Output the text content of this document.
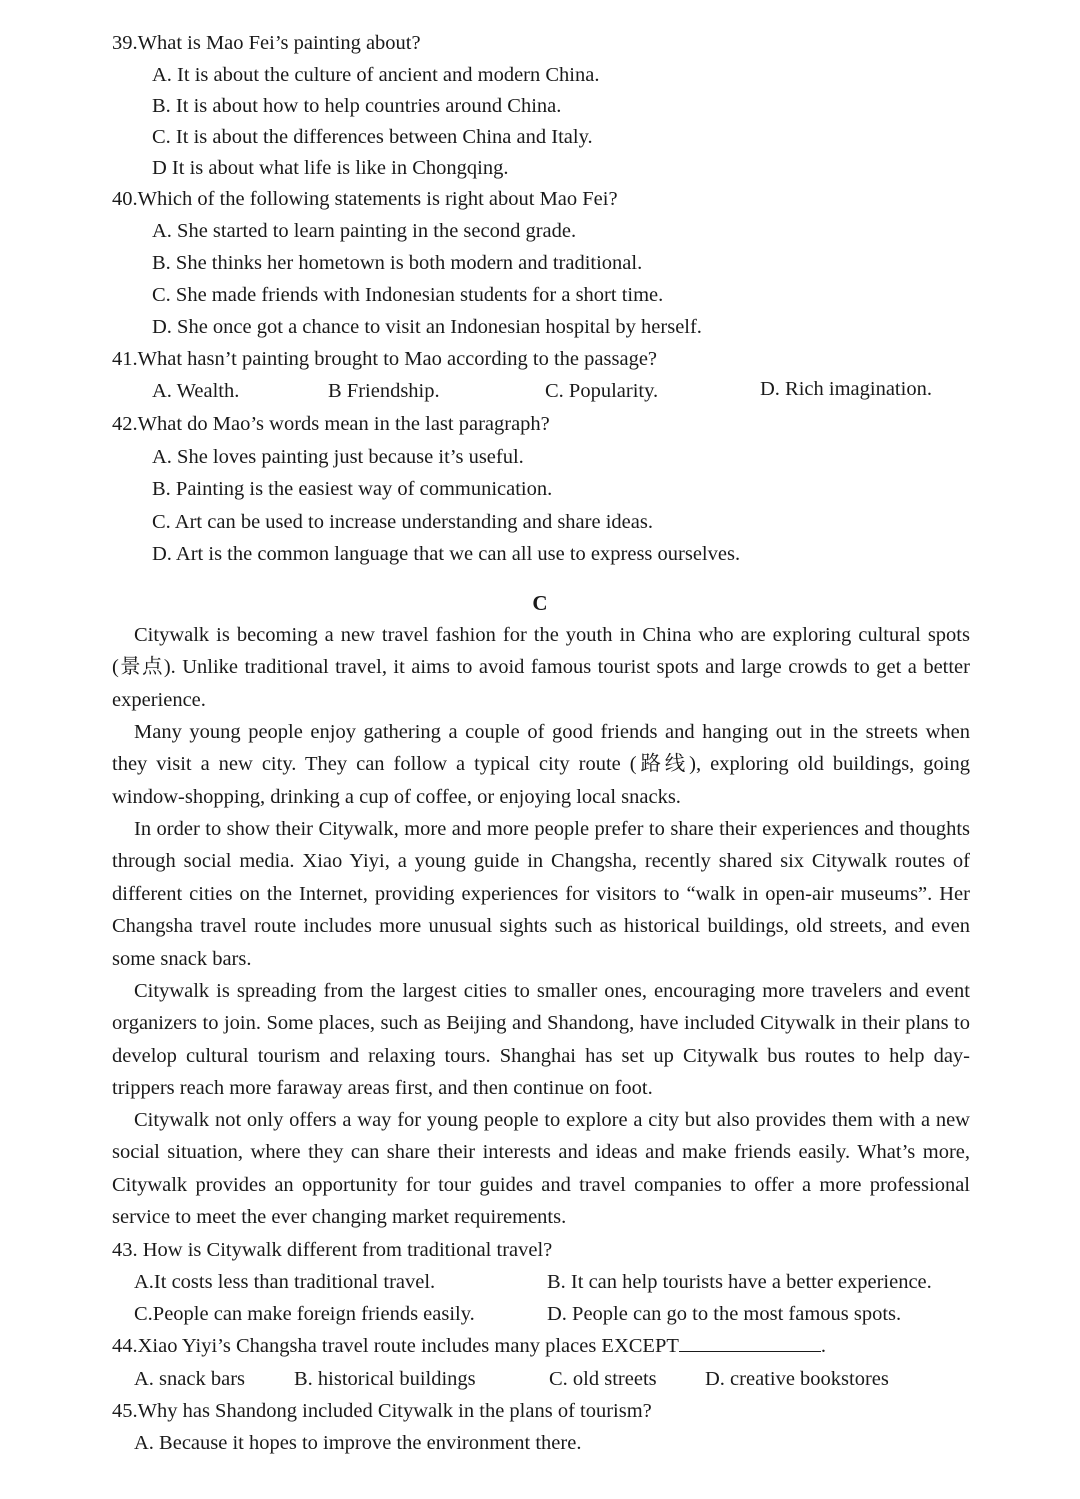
39.What is Mao Fei’s painting about?
A. It is about the culture of ancient and modern China.
B. It is about how to help countries around China.
C. It is about the differences between China and Italy.
D It is about what life is like in Chongqing.
40.Which of the following statements is right about Mao Fei?
A. She started to learn painting in the second grade.
B. She thinks her hometown is both modern and traditional.
C. She made friends with Indonesian students for a short time.
D. She once got a chance to visit an Indonesian hospital by herself.
41.What hasn’t painting brought to Mao according to the passage?
A. Wealth.	B Friendship.	C. Popularity.	D. Rich imagination.
42.What do Mao’s words mean in the last paragraph?
A. She loves painting just because it’s useful.
B. Painting is the easiest way of communication.
C. Art can be used to increase understanding and share ideas.
D. Art is the common language that we can all use to express ourselves.
C
Citywalk is becoming a new travel fashion for the youth in China who are exploring cultural spots (景点). Unlike traditional travel, it aims to avoid famous tourist spots and large crowds to get a better experience.
Many young people enjoy gathering a couple of good friends and hanging out in the streets when they visit a new city. They can follow a typical city route (路线), exploring old buildings, going window-shopping, drinking a cup of coffee, or enjoying local snacks.
In order to show their Citywalk, more and more people prefer to share their experiences and thoughts through social media. Xiao Yiyi, a young guide in Changsha, recently shared six Citywalk routes of different cities on the Internet, providing experiences for visitors to “walk in open-air museums”. Her Changsha travel route includes more unusual sights such as historical buildings, old streets, and even some snack bars.
Citywalk is spreading from the largest cities to smaller ones, encouraging more travelers and event organizers to join. Some places, such as Beijing and Shandong, have included Citywalk in their plans to develop cultural tourism and relaxing tours. Shanghai has set up Citywalk bus routes to help day-trippers reach more faraway areas first, and then continue on foot.
Citywalk not only offers a way for young people to explore a city but also provides them with a new social situation, where they can share their interests and ideas and make friends easily. What’s more, Citywalk provides an opportunity for tour guides and travel companies to offer a more professional service to meet the ever changing market requirements.
43. How is Citywalk different from traditional travel?
A.It costs less than traditional travel.	B. It can help tourists have a better experience.
C.People can make foreign friends easily.	D. People can go to the most famous spots.
44.Xiao Yiyi’s Changsha travel route includes many places EXCEPT	.
A. snack bars B. historical buildings	C. old streets D. creative bookstores
45.Why has Shandong included Citywalk in the plans of tourism?
A. Because it hopes to improve the environment there.
